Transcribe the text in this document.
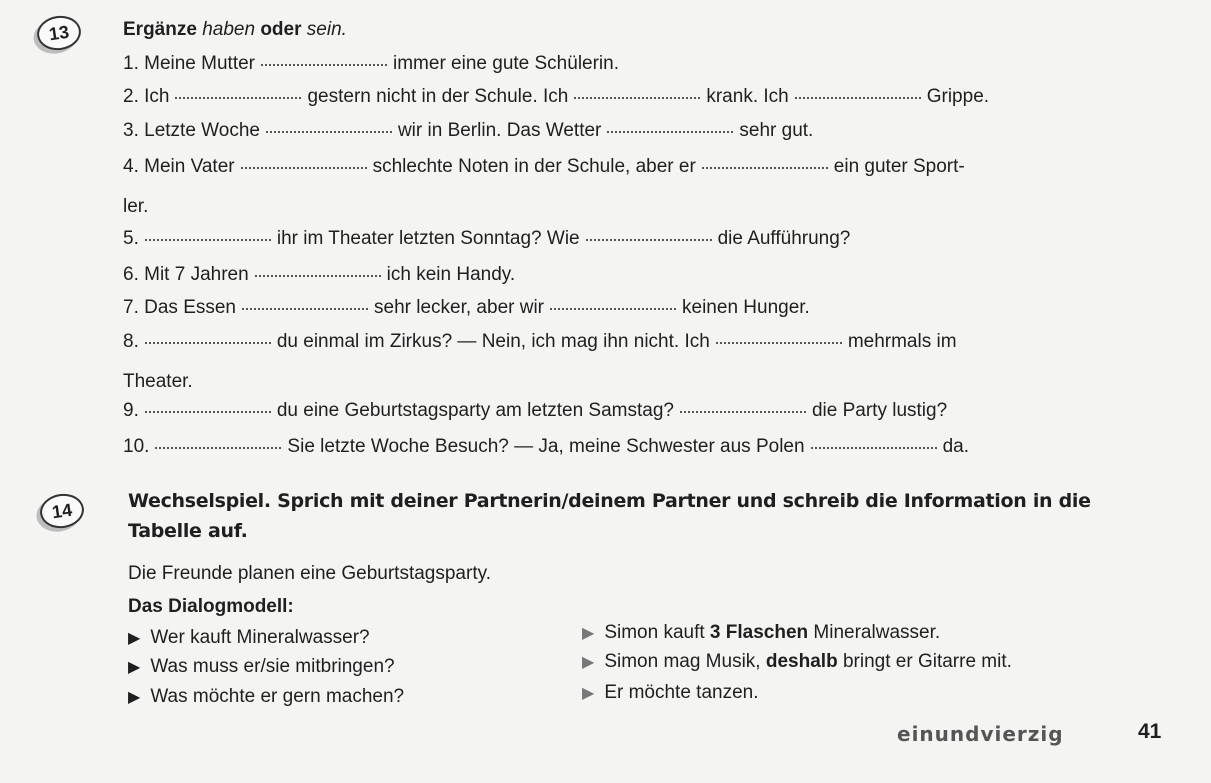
13	Ergänze haben oder sein.
1. Meine Mutter	immer eine gute Schülerin.
2. Ich	gestern nicht in der Schule. Ich	krank. Ich	Grippe.
3. Letzte Woche	wir in Berlin. Das Wetter	sehr gut.
4. Mein Vater	schlechte Noten in der Schule, aber er	ein guter Sport-
ler.
5.	ihr im Theater letzten Sonntag? Wie	die Aufführung?
6. Mit 7 Jahren	ich kein Handy.
7. Das Essen	sehr lecker, aber wir	keinen Hunger.
8.	du einmal im Zirkus? — Nein, ich mag ihn nicht. Ich	mehrmals im
Theater.
9.	du eine Geburtstagsparty am letzten Samstag?	die Party lustig?
10.	Sie letzte Woche Besuch? — Ja, meine Schwester aus Polen	da.
14	Wechselspiel. Sprich mit deiner Partnerin/deinem Partner und schreib die Information in die Tabelle auf.
Die Freunde planen eine Geburtstagsparty.
Das Dialogmodell:
▶ Wer kauft Mineralwasser?
▶ Was muss er/sie mitbringen?
▶ Was möchte er gern machen?
▶ Simon kauft
3 Flaschen
Mineralwasser.
▶ Simon mag Musik,
deshalb
bringt er Gitarre mit.
▶ Er möchte tanzen.
einundvierzig	41
